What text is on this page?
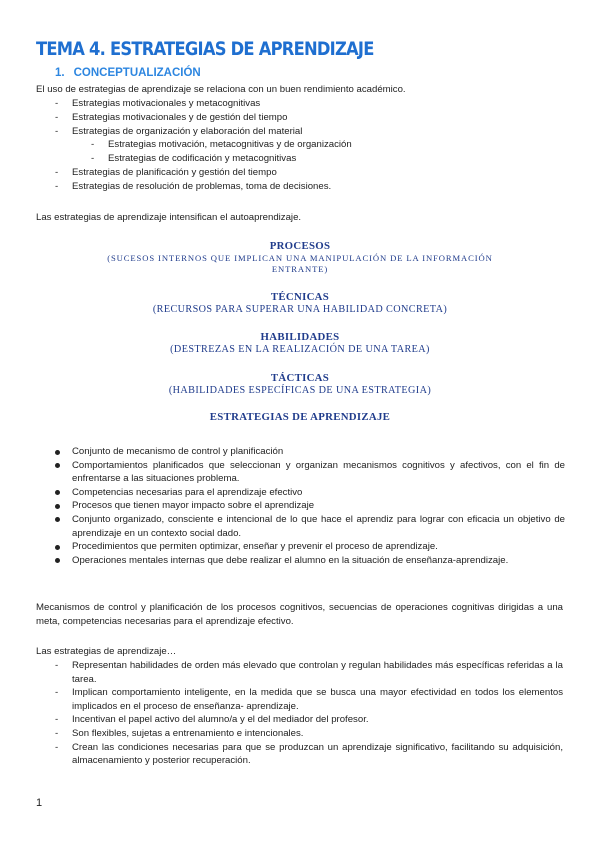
TEMA 4. ESTRATEGIAS DE APRENDIZAJE
1. CONCEPTUALIZACIÓN
El uso de estrategias de aprendizaje se relaciona con un buen rendimiento académico.
- Estrategias motivacionales y metacognitivas
- Estrategias motivacionales y de gestión del tiempo
- Estrategias de organización y elaboración del material
- Estrategias motivación, metacognitivas y de organización
- Estrategias de codificación y metacognitivas
- Estrategias de planificación y gestión del tiempo
- Estrategias de resolución de problemas, toma de decisiones.
Las estrategias de aprendizaje intensifican el autoaprendizaje.
PROCESOS
(SUCESOS INTERNOS QUE IMPLICAN UNA MANIPULACIÓN DE LA INFORMACIÓN
ENTRANTE)
TÉCNICAS
(RECURSOS PARA SUPERAR UNA HABILIDAD CONCRETA)
HABILIDADES
(DESTREZAS EN LA REALIZACIÓN DE UNA TAREA)
TÁCTICAS
(HABILIDADES ESPECÍFICAS DE UNA ESTRATEGIA)
ESTRATEGIAS DE APRENDIZAJE
Conjunto de mecanismo de control y planificación
Comportamientos planificados que seleccionan y organizan mecanismos cognitivos y afectivos, con el fin de enfrentarse a las situaciones problema.
Competencias necesarias para el aprendizaje efectivo
Procesos que tienen mayor impacto sobre el aprendizaje
Conjunto organizado, consciente e intencional de lo que hace el aprendiz para lograr con eficacia un objetivo de aprendizaje en un contexto social dado.
Procedimientos que permiten optimizar, enseñar y prevenir el proceso de aprendizaje.
Operaciones mentales internas que debe realizar el alumno en la situación de enseñanza-aprendizaje.
Mecanismos de control y planificación de los procesos cognitivos, secuencias de operaciones cognitivas dirigidas a una meta, competencias necesarias para el aprendizaje efectivo.
Las estrategias de aprendizaje…
- Representan habilidades de orden más elevado que controlan y regulan habilidades más específicas referidas a la tarea.
- Implican comportamiento inteligente, en la medida que se busca una mayor efectividad en todos los elementos implicados en el proceso de enseñanza- aprendizaje.
- Incentivan el papel activo del alumno/a y el del mediador del profesor.
- Son flexibles, sujetas a entrenamiento e intencionales.
- Crean las condiciones necesarias para que se produzcan un aprendizaje significativo, facilitando su adquisición, almacenamiento y posterior recuperación.
1
